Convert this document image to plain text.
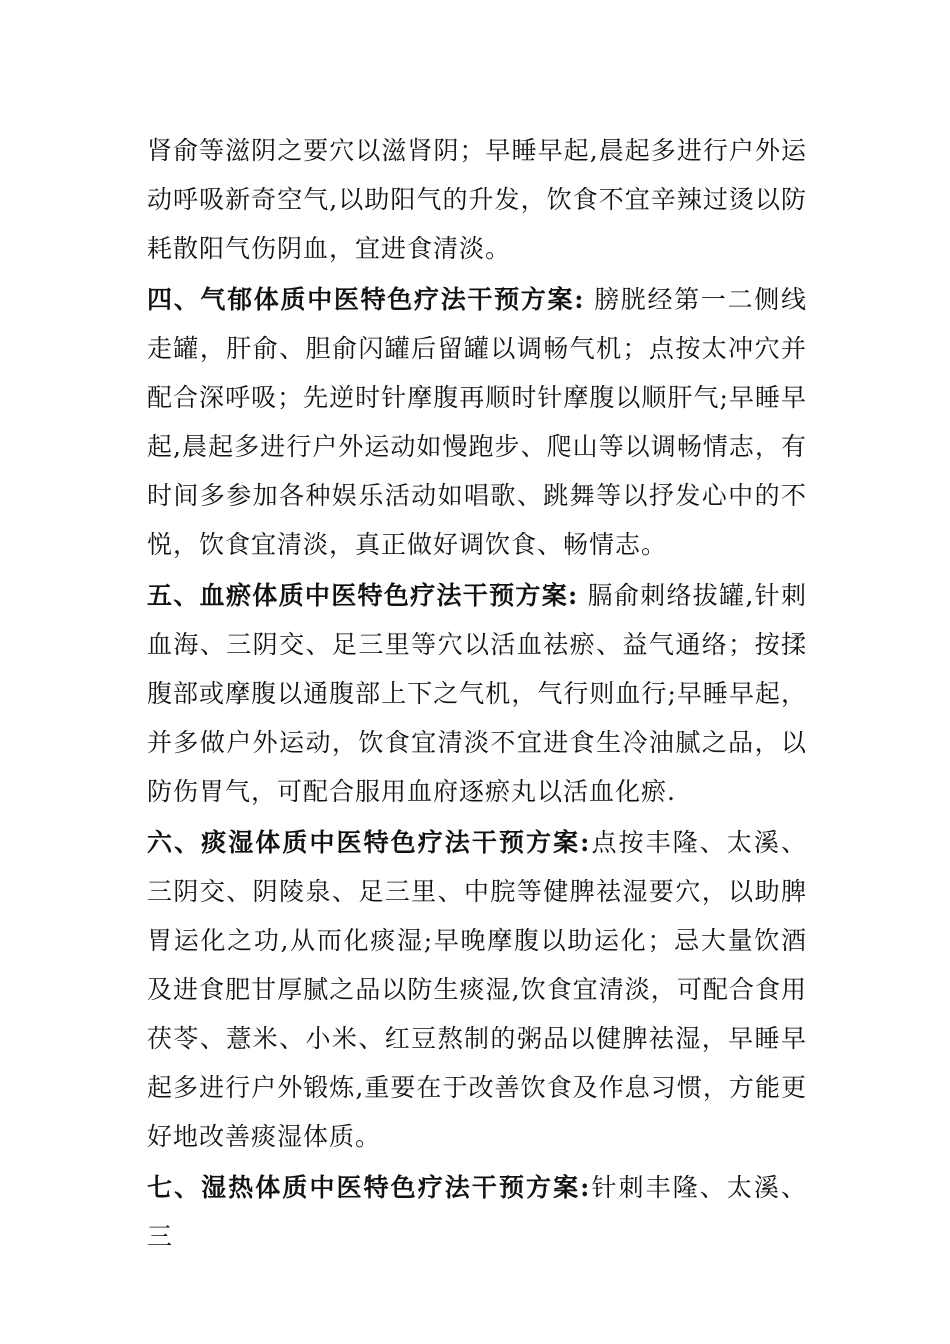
肾俞等滋阴之要穴以滋肾阴；早睡早起,晨起多进行户外运动呼吸新奇空气,以助阳气的升发，饮食不宜辛辣过烫以防耗散阳气伤阴血，宜进食清淡。

四、气郁体质中医特色疗法干预方案: 膀胱经第一二侧线走罐，肝俞、胆俞闪罐后留罐以调畅气机；点按太冲穴并配合深呼吸；先逆时针摩腹再顺时针摩腹以顺肝气;早睡早起,晨起多进行户外运动如慢跑步、爬山等以调畅情志，有时间多参加各种娱乐活动如唱歌、跳舞等以抒发心中的不悦，饮食宜清淡，真正做好调饮食、畅情志。

五、血瘀体质中医特色疗法干预方案: 膈俞刺络拔罐,针刺血海、三阴交、足三里等穴以活血祛瘀、益气通络；按揉腹部或摩腹以通腹部上下之气机，气行则血行;早睡早起，并多做户外运动，饮食宜清淡不宜进食生冷油腻之品，以防伤胃气，可配合服用血府逐瘀丸以活血化瘀.

六、痰湿体质中医特色疗法干预方案:点按丰隆、太溪、三阴交、阴陵泉、足三里、中脘等健脾祛湿要穴，以助脾胃运化之功,从而化痰湿;早晚摩腹以助运化；忌大量饮酒及进食肥甘厚腻之品以防生痰湿,饮食宜清淡，可配合食用茯苓、薏米、小米、红豆熬制的粥品以健脾祛湿，早睡早起多进行户外锻炼,重要在于改善饮食及作息习惯，方能更好地改善痰湿体质。

七、湿热体质中医特色疗法干预方案:针刺丰隆、太溪、三
